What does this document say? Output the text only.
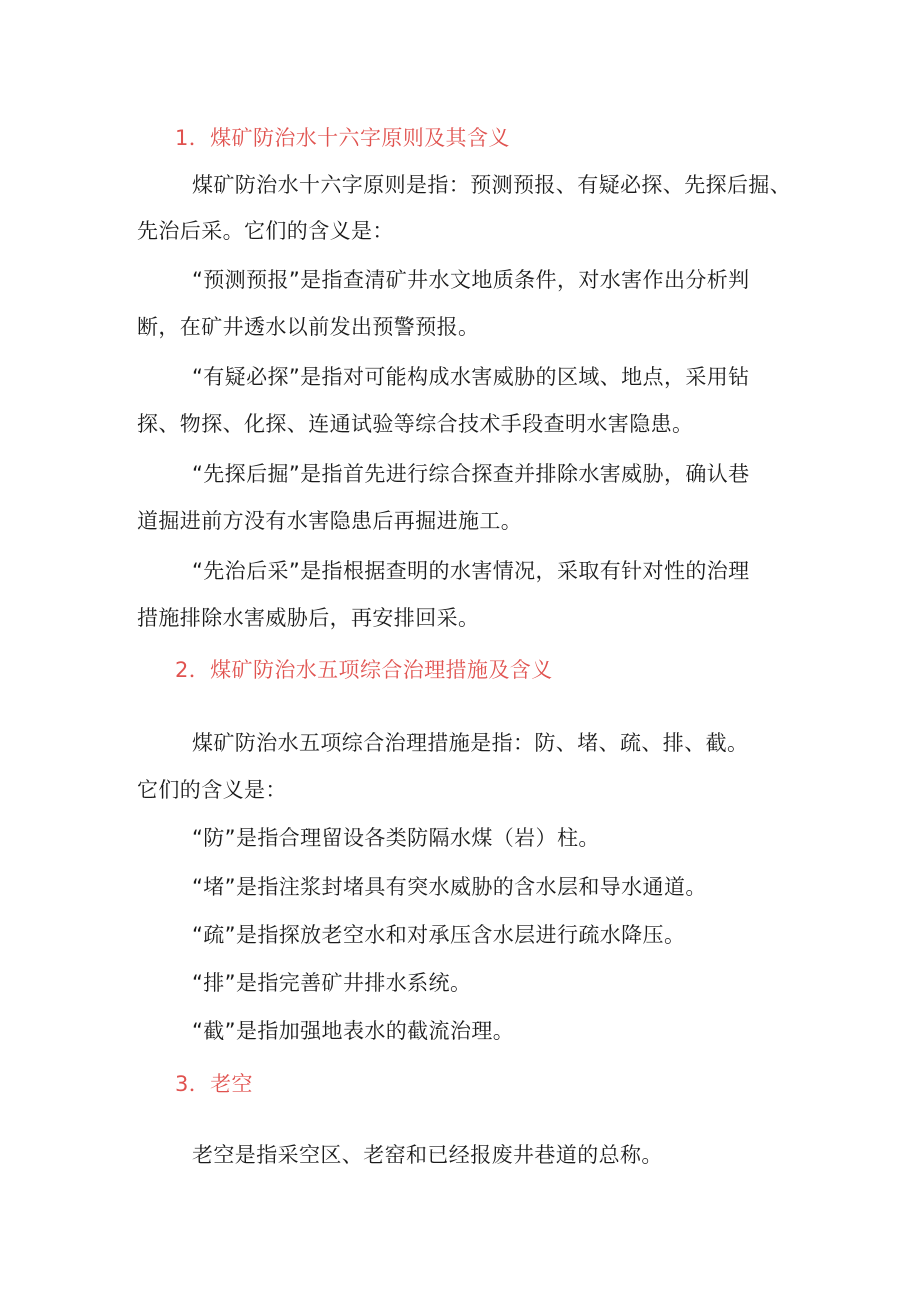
1．煤矿防治水十六字原则及其含义
煤矿防治水十六字原则是指：预测预报、有疑必探、先探后掘、
先治后采。它们的含义是：
“预测预报”是指查清矿井水文地质条件，对水害作出分析判
断，在矿井透水以前发出预警预报。
“有疑必探”是指对可能构成水害威胁的区域、地点，采用钻
探、物探、化探、连通试验等综合技术手段查明水害隐患。
“先探后掘”是指首先进行综合探查并排除水害威胁，确认巷
道掘进前方没有水害隐患后再掘进施工。
“先治后采”是指根据查明的水害情况，采取有针对性的治理
措施排除水害威胁后，再安排回采。
2．煤矿防治水五项综合治理措施及含义
煤矿防治水五项综合治理措施是指：防、堵、疏、排、截。
它们的含义是：
“防”是指合理留设各类防隔水煤（岩）柱。
“堵”是指注浆封堵具有突水威胁的含水层和导水通道。
“疏”是指探放老空水和对承压含水层进行疏水降压。
“排”是指完善矿井排水系统。
“截”是指加强地表水的截流治理。
3．老空
老空是指采空区、老窑和已经报废井巷道的总称。
